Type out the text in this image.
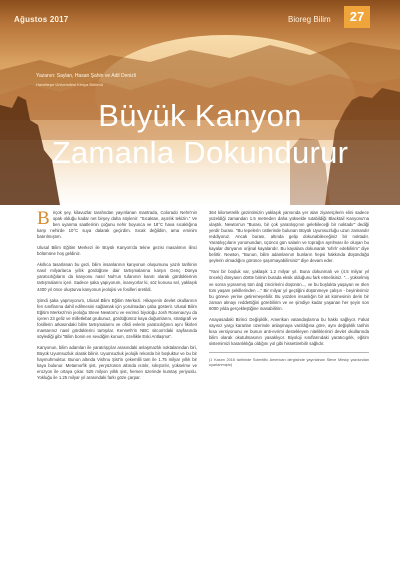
Ağustos 2017	Bioreg Bilim	27
Yazanın: Saylan, Hasan Şahin ve Adil Denizli
Hacettepe Üniversitesi Kimya Bölümü
Büyük Kanyon
Zamanla Dokundurur

Birçok şey, kilavuzlar tarafından yayınlanan mantrada, Colorado Nehri'nin opak olduğu kadar net birşey daha söylenir: "Sıcaktan, aşırılık tekizin." Ve ben uyanma saatlerinin çoğunu nehir boyunca ve 18°C hava sıcaklığına karşı nehirde 10°C suya dalarak geçirdim. Sıcak değildim, ama eminim batırılmıştım.

Ulusal Bilim Eğitim Merkezi ile Büyük Kanyon'da tekne gezisi masalımın ilinci bölümüne hoş geldiniz.

Akıllıca tasarlanan bu gezi, bilim insanlarının kanyonun oluşumunu yazılı tarihinin nasıl milyarlarca yıllık gördüğüne dair tartışmalarına karşın Genç Dünya yaratıcılığıların da kanyonu nasıl Nuh'un tufanının kanıtı olarak gördüklerinin tartışmalarını içeri. Sadece şaka yapıyorum, inanıyorlar ki, söz konusu sel, yaklaşık 4400 yıl önce oluşturva kanyonun jeolojisi ve fosilleri üretildi.

Şimdi şaka yapmıyorum, Ulusal Bilim Eğitim Merkezi. Hikayenin devlet okullarının fen sınıflarına dahil edilmesini sağlamak için yorulmadan çaba gösterir. Ulusal Bilim Eğitim Merkezi'nin jeoloğu Steve Newton'u ve evrimci biyoloğu Josh Rosenau'yu da içeren 23 geliz ve milletlebat grubunuz, gördüğümüz kaya doğumlarını, stratigrafi ve fosillerin arkasındaki bilim tartışmalarını ve ofisli evlerin yaratıcılığının aynı fikirleri mantarınız nasıl gördüklerini tartışılar. Kenneth'in NBC sitcom'daki sayfasında söylediği gibi "Bilim bonin en sevdiğim konum, özellikle Eski Antlaşma".

Kanyonun, bilim adamları ile yaratılışçılar arasındaki anlaşmazlık noktalarından biri, Büyük Uyumsuzluk olarak bilinir. Uyumsuzluk jeolojik rekorda bir boşluktur ve bu bir haymuhmuktur. Bunun altında Vishnu Şist'in çekemlili tam ile 1.75 milyar yıllık bir kaya bulunur. Metamorfik şist, yeryüzünün altında ısıtılır, sıkıştırılır, yükselme ve erozyon ile ortaya çıkar. 525 milyon yıllık şist, hemen üzerinde kumtaş yeriyuslu. Yokluğu ile 1.25 milyar yıl arasındaki farkı göze çarpar.

364 kilometrelik gezintimizin yaklaşık yarısında yer alan ziyaretçilerin elini sadece yüzeldiği zamandan 1.5 metreden daha yükselde tutabildiği Blacktail Kanyonu'na ulaştık. Newton'un "Burası, bir çok yaratılışçının gelebileceği bir noktadır" dediği yerdir burası. "Bu tepelerin üstlerinde bulunan Büyük Uyumsuzluğu uzun zamandır reddiyoruz. Ancak burası, altında gelip dokunabileceğiniz bir noktadır. Yaratılışçıların yorumundan, üçüncü gün salarin ve toprağın ayrılması ile oluşan bu kayalar dünyanın orijinal kayalarıdır. Bu kayalara dokunarak 'sıfırlı' edebilirim" diye belirtir. Newton, "Bunun, bilim adamlarının bunların hepsi hakkında düşündüğü şeylerin olmadığını görünce şaşırmayabilirsiniz" diye devam eder.

"Yani bir boşluk var, yaklaşık 1.2 milyar yıl. Buna dokunmalı ve (4.5 milyar yıl önceki) dünyanın dörtte birinin burada eksik olduğunu fark etmelisiniz. "... yükselmiş ve sonra yıpranmış tüm dağ zincirlerini düşünün..., ve bu boşlukta yaşayan ve ölen tüm yaşam şekillerinden ..." Bir milyar yıl geçtiğini düşünmeye çalışın - beyinlerimiz bu göreve yerine getiremeyebilir. Bu yüzden insanlığın bir ait kümesinin derin bir zaman almayı reddettiğini görebilirim ve ve şimdiye kadar yaşanan her şeyin son 6000 yılda gerçekleştiğine inanabilirim.

Anayasadaki Birinci Değişiklik, Amerikan vatandaşlarına bu hakkı sağlıyor. Fakat sayısız yargı kararları üzerinde anlaşmaya varıldığına göre, aynı değişiklik tarihin kısa versiyonunu ve bunun anti-evrimi destekleyen nitelikleriniri devlet okullarında bilim olarak okutulmasının yasaklıyor. Biyoloji sınıflarındaki yaratıcıgılık, eğitim sistemimizi karanlıklığa oldığını yol gibi hissettirebilir sağlıdır.

(1 Kasım 2016 tarihinde Scientific American dergisinde yayınlanan Steve Mirsky yazısından uyarlanmıştır)
